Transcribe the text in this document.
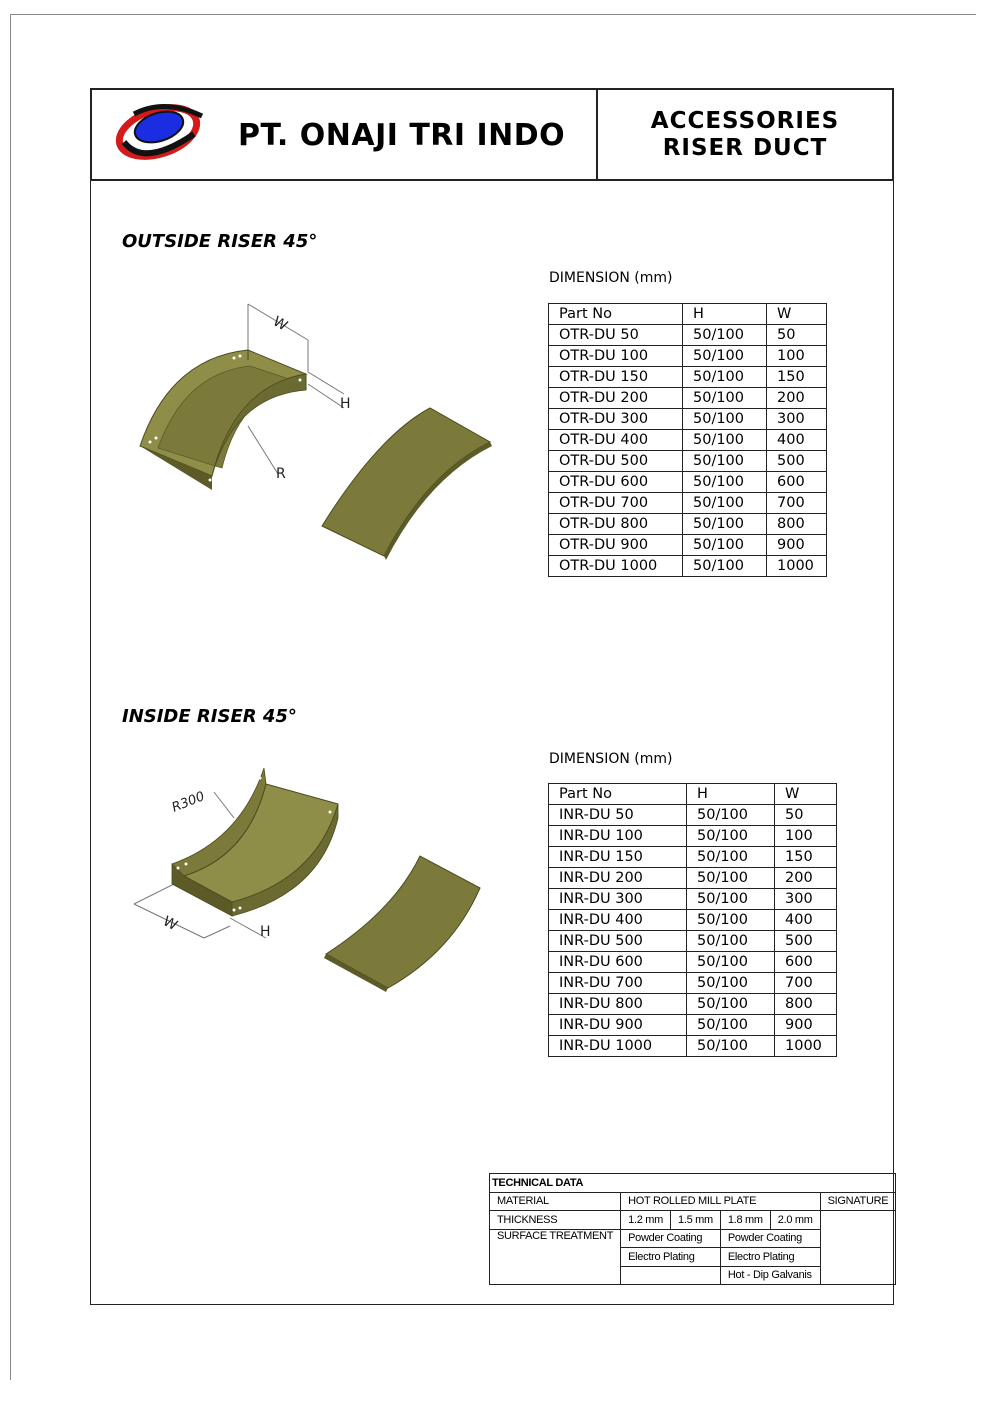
PT. ONAJI TRI INDO	ACCESSORIES
RISER DUCT
OUTSIDE RISER 45°
W
H
R
DIMENSION (mm)
Part No	H	W
OTR-DU 50	50/100	50
OTR-DU 100	50/100	100
OTR-DU 150	50/100	150
OTR-DU 200	50/100	200
OTR-DU 300	50/100	300
OTR-DU 400	50/100	400
OTR-DU 500	50/100	500
OTR-DU 600	50/100	600
OTR-DU 700	50/100	700
OTR-DU 800	50/100	800
OTR-DU 900	50/100	900
OTR-DU 1000	50/100	1000
INSIDE RISER 45°
R300
W	H
DIMENSION (mm)
Part No	H	W
INR-DU 50	50/100	50
INR-DU 100	50/100	100
INR-DU 150	50/100	150
INR-DU 200	50/100	200
INR-DU 300	50/100	300
INR-DU 400	50/100	400
INR-DU 500	50/100	500
INR-DU 600	50/100	600
INR-DU 700	50/100	700
INR-DU 800	50/100	800
INR-DU 900	50/100	900
INR-DU 1000	50/100	1000
TECHNICAL DATA					
MATERIAL	HOT ROLLED MILL PLATE				SIGNATURE
THICKNESS	1.2 mm	1.5 mm	1.8 mm	2.0 mm	
SURFACE TREATMENT	Powder Coating		Powder Coating		
	Electro Plating		Electro Plating		
			Hot - Dip Galvanis		
